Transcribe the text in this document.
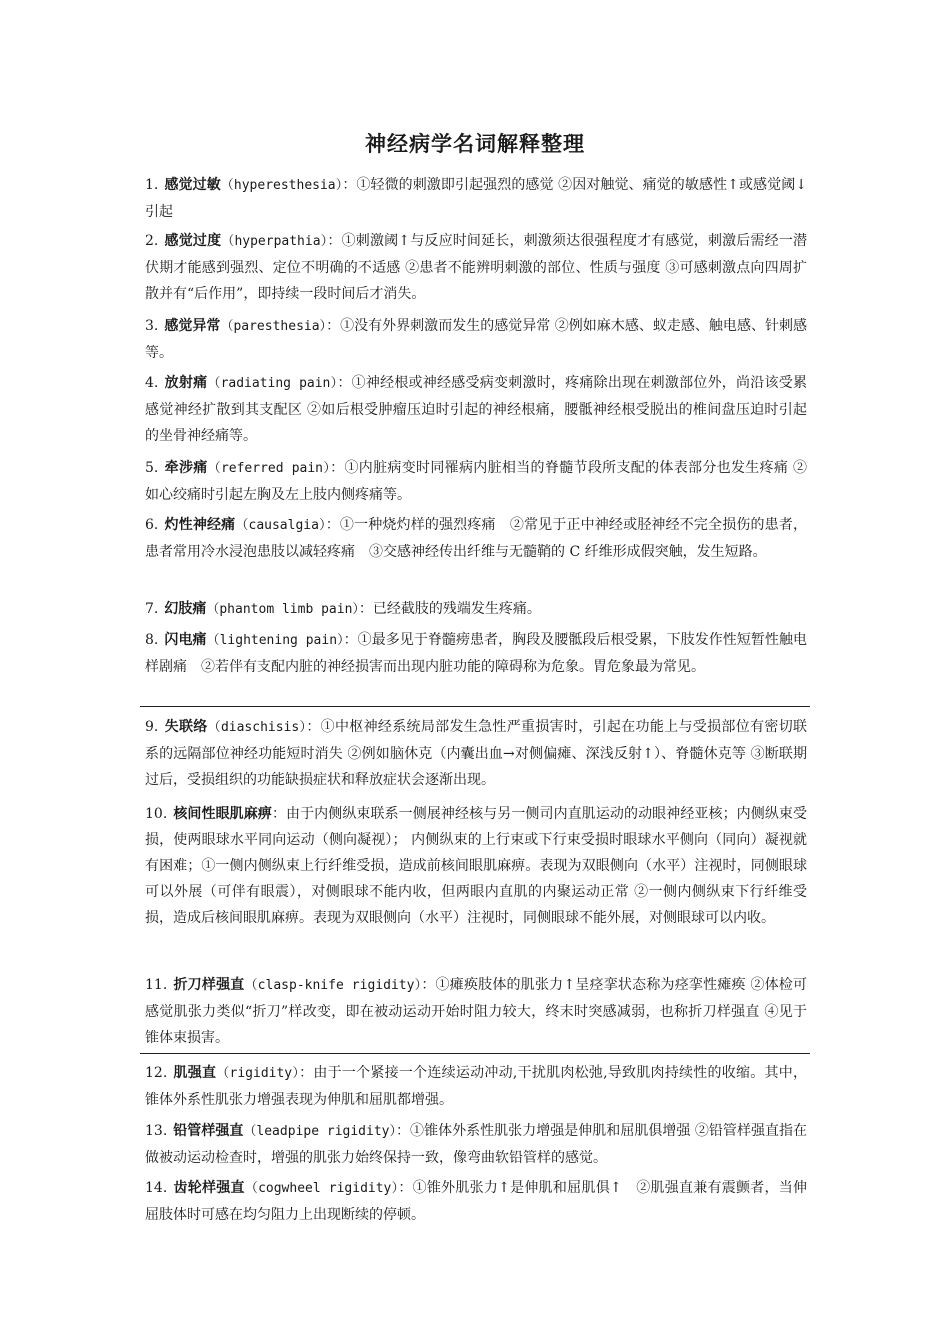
神经病学名词解释整理
1. 感觉过敏（hyperesthesia）：①轻微的刺激即引起强烈的感觉 ②因对触觉、痛觉的敏感性↑或感觉阈↓引起
2. 感觉过度（hyperpathia）：①刺激阈↑与反应时间延长，刺激须达很强程度才有感觉，刺激后需经一潜伏期才能感到强烈、定位不明确的不适感 ②患者不能辨明刺激的部位、性质与强度 ③可感刺激点向四周扩散并有“后作用”，即持续一段时间后才消失。
3. 感觉异常（paresthesia）：①没有外界刺激而发生的感觉异常 ②例如麻木感、蚁走感、触电感、针刺感等。
4. 放射痛（radiating pain）：①神经根或神经感受病变刺激时，疼痛除出现在刺激部位外，尚沿该受累感觉神经扩散到其支配区 ②如后根受肿瘤压迫时引起的神经根痛，腰骶神经根受脱出的椎间盘压迫时引起的坐骨神经痛等。
5. 牵涉痛（referred pain）：①内脏病变时同罹病内脏相当的脊髓节段所支配的体表部分也发生疼痛 ②如心绞痛时引起左胸及左上肢内侧疼痛等。
6. 灼性神经痛（causalgia）：①一种烧灼样的强烈疼痛　②常见于正中神经或胫神经不完全损伤的患者，患者常用冷水浸泡患肢以减轻疼痛　③交感神经传出纤维与无髓鞘的 C 纤维形成假突触，发生短路。
7. 幻肢痛（phantom limb pain）：已经截肢的残端发生疼痛。
8. 闪电痛（lightening pain）：①最多见于脊髓痨患者，胸段及腰骶段后根受累，下肢发作性短暂性触电样剧痛　②若伴有支配内脏的神经损害而出现内脏功能的障碍称为危象。胃危象最为常见。
9. 失联络（diaschisis）：①中枢神经系统局部发生急性严重损害时，引起在功能上与受损部位有密切联系的远隔部位神经功能短时消失 ②例如脑休克（内囊出血→对侧偏瘫、深浅反射↑）、脊髓休克等 ③断联期过后，受损组织的功能缺损症状和释放症状会逐渐出现。
10. 核间性眼肌麻痹：由于内侧纵束联系一侧展神经核与另一侧司内直肌运动的动眼神经亚核；内侧纵束受损，使两眼球水平同向运动（侧向凝视）； 内侧纵束的上行束或下行束受损时眼球水平侧向（同向）凝视就有困难；①一侧内侧纵束上行纤维受损，造成前核间眼肌麻痹。表现为双眼侧向（水平）注视时，同侧眼球可以外展（可伴有眼震），对侧眼球不能内收，但两眼内直肌的内聚运动正常 ②一侧内侧纵束下行纤维受损，造成后核间眼肌麻痹。表现为双眼侧向（水平）注视时，同侧眼球不能外展，对侧眼球可以内收。
11. 折刀样强直（clasp-knife rigidity）：①瘫痪肢体的肌张力↑呈痉挛状态称为痉挛性瘫痪 ②体检可感觉肌张力类似“折刀”样改变，即在被动运动开始时阻力较大，终末时突感减弱，也称折刀样强直 ④见于锥体束损害。
12. 肌强直（rigidity）：由于一个紧接一个连续运动冲动,干扰肌肉松弛,导致肌肉持续性的收缩。其中，锥体外系性肌张力增强表现为伸肌和屈肌都增强。
13. 铅管样强直（leadpipe rigidity）：①锥体外系性肌张力增强是伸肌和屈肌俱增强 ②铅管样强直指在做被动运动检查时，增强的肌张力始终保持一致，像弯曲软铅管样的感觉。
14. 齿轮样强直（cogwheel rigidity）：①锥外肌张力↑是伸肌和屈肌俱↑　②肌强直兼有震颤者，当伸屈肢体时可感在均匀阻力上出现断续的停顿。
